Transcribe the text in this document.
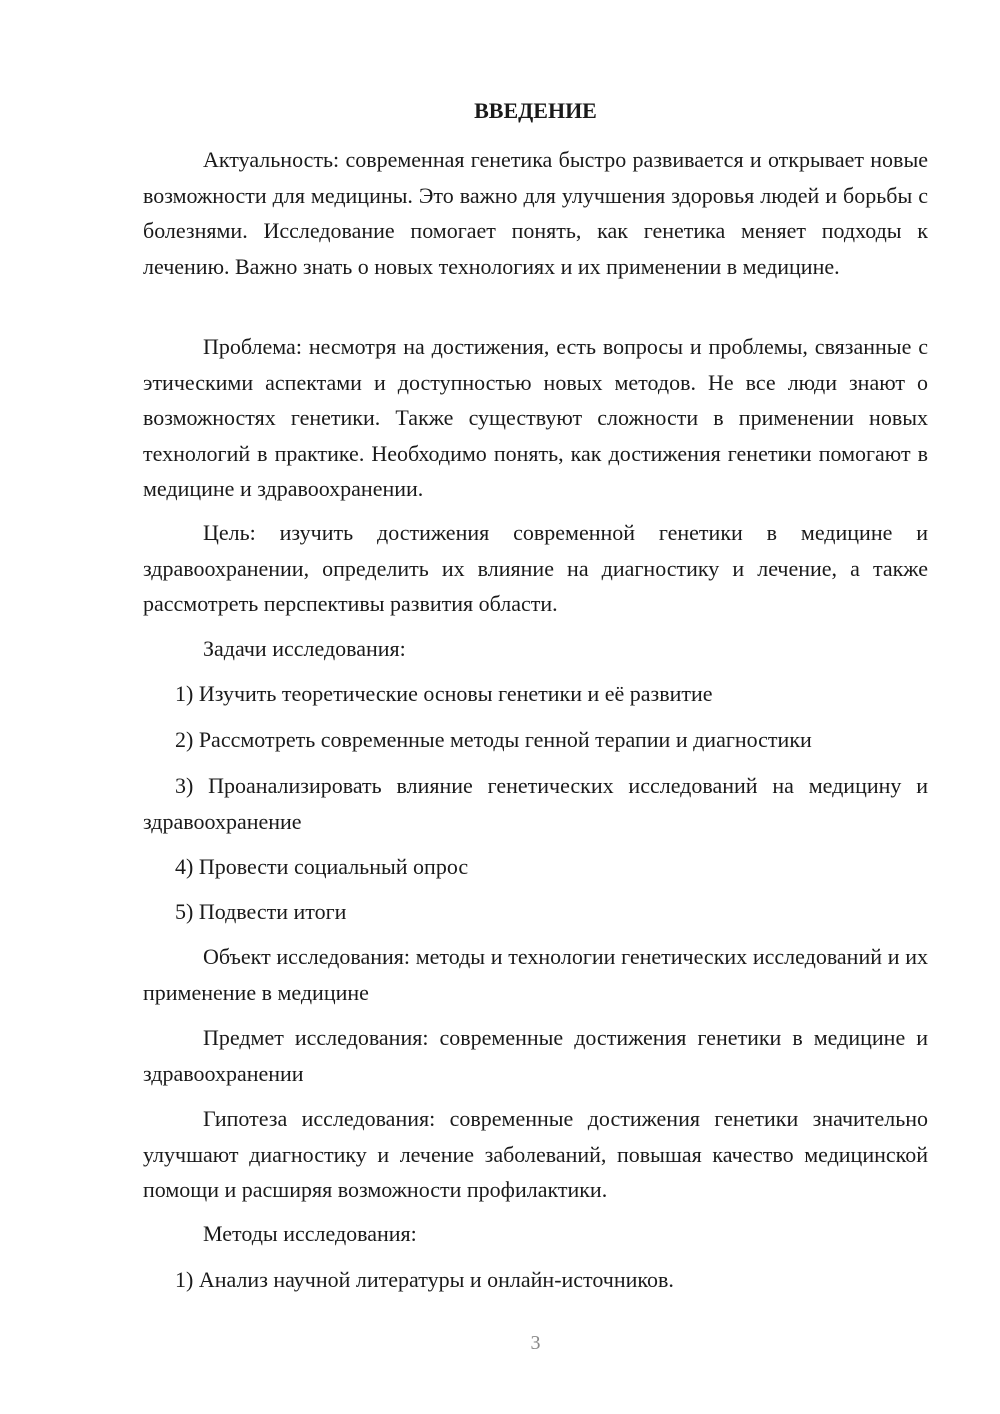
ВВЕДЕНИЕ

Актуальность: современная генетика быстро развивается и открывает новые возможности для медицины. Это важно для улучшения здоровья людей и борьбы с болезнями. Исследование помогает понять, как генетика меняет подходы к лечению. Важно знать о новых технологиях и их применении в медицине.

Проблема: несмотря на достижения, есть вопросы и проблемы, связанные с этическими аспектами и доступностью новых методов. Не все люди знают о возможностях генетики. Также существуют сложности в применении новых технологий в практике. Необходимо понять, как достижения генетики помогают в медицине и здравоохранении.

Цель: изучить достижения современной генетики в медицине и здравоохранении, определить их влияние на диагностику и лечение, а также рассмотреть перспективы развития области.

Задачи исследования:

1) Изучить теоретические основы генетики и её развитие

2) Рассмотреть современные методы генной терапии и диагностики

3) Проанализировать влияние генетических исследований на медицину и здравоохранение

4) Провести социальный опрос

5) Подвести итоги

Объект исследования: методы и технологии генетических исследований и их применение в медицине

Предмет исследования: современные достижения генетики в медицине и здравоохранении

Гипотеза исследования: современные достижения генетики значительно улучшают диагностику и лечение заболеваний, повышая качество медицинской помощи и расширяя возможности профилактики.

Методы исследования:

1) Анализ научной литературы и онлайн-источников.

3
